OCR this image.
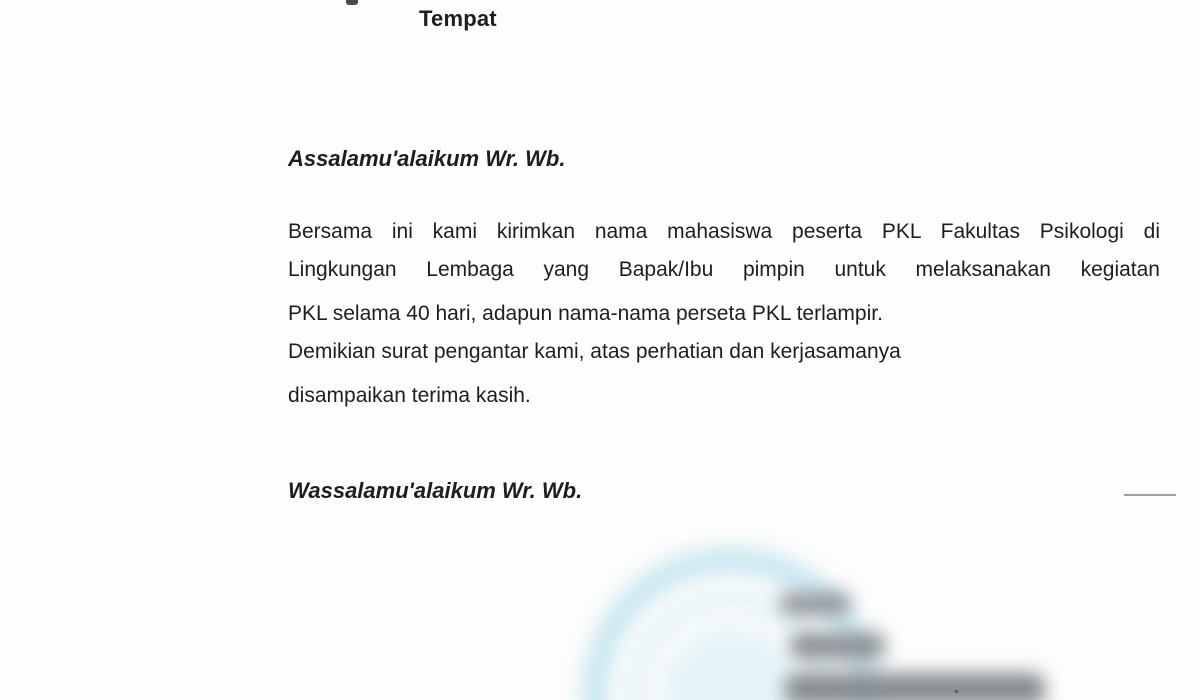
Tempat
Assalamu'alaikum Wr. Wb.
Bersama ini kami kirimkan nama mahasiswa peserta PKL Fakultas Psikologi di
Lingkungan Lembaga yang Bapak/Ibu pimpin untuk melaksanakan kegiatan
PKL selama 40 hari, adapun nama-nama perseta PKL terlampir.
Demikian surat pengantar kami, atas perhatian dan kerjasamanya
disampaikan terima kasih.
Wassalamu'alaikum Wr. Wb.
